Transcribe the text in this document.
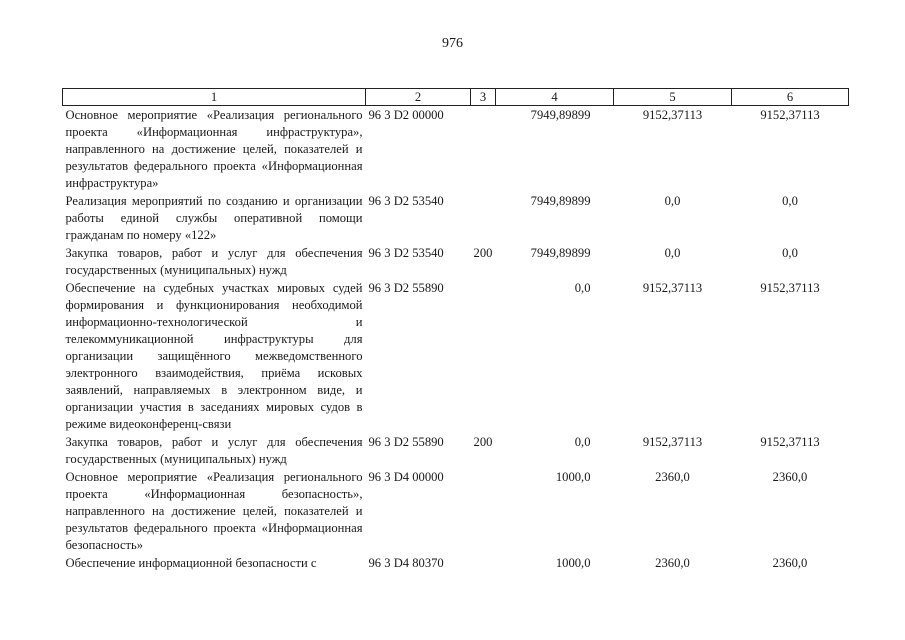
976
1	2	3	4	5	6
Основное мероприятие «Реализация регионального проекта «Информационная инфраструктура», направленного на достижение целей, показателей и результатов федерального проекта «Информационная инфраструктура»	96 3 D2 00000		7949,89899	9152,37113	9152,37113
Реализация мероприятий по созданию и организации работы единой службы оперативной помощи гражданам по номеру «122»	96 3 D2 53540		7949,89899	0,0	0,0
Закупка товаров, работ и услуг для обеспечения государственных (муниципальных) нужд	96 3 D2 53540	200	7949,89899	0,0	0,0
Обеспечение на судебных участках мировых судей формирования и функционирования необходимой информационно-технологической и телекоммуникационной инфраструктуры для организации защищённого межведомственного электронного взаимодействия, приёма исковых заявлений, направляемых в электронном виде, и организации участия в заседаниях мировых судов в режиме видеоконференц-связи	96 3 D2 55890		0,0	9152,37113	9152,37113
Закупка товаров, работ и услуг для обеспечения государственных (муниципальных) нужд	96 3 D2 55890	200	0,0	9152,37113	9152,37113
Основное мероприятие «Реализация регионального проекта «Информационная безопасность», направленного на достижение целей, показателей и результатов федерального проекта «Информационная безопасность»	96 3 D4 00000		1000,0	2360,0	2360,0
Обеспечение информационной безопасности с	96 3 D4 80370		1000,0	2360,0	2360,0
